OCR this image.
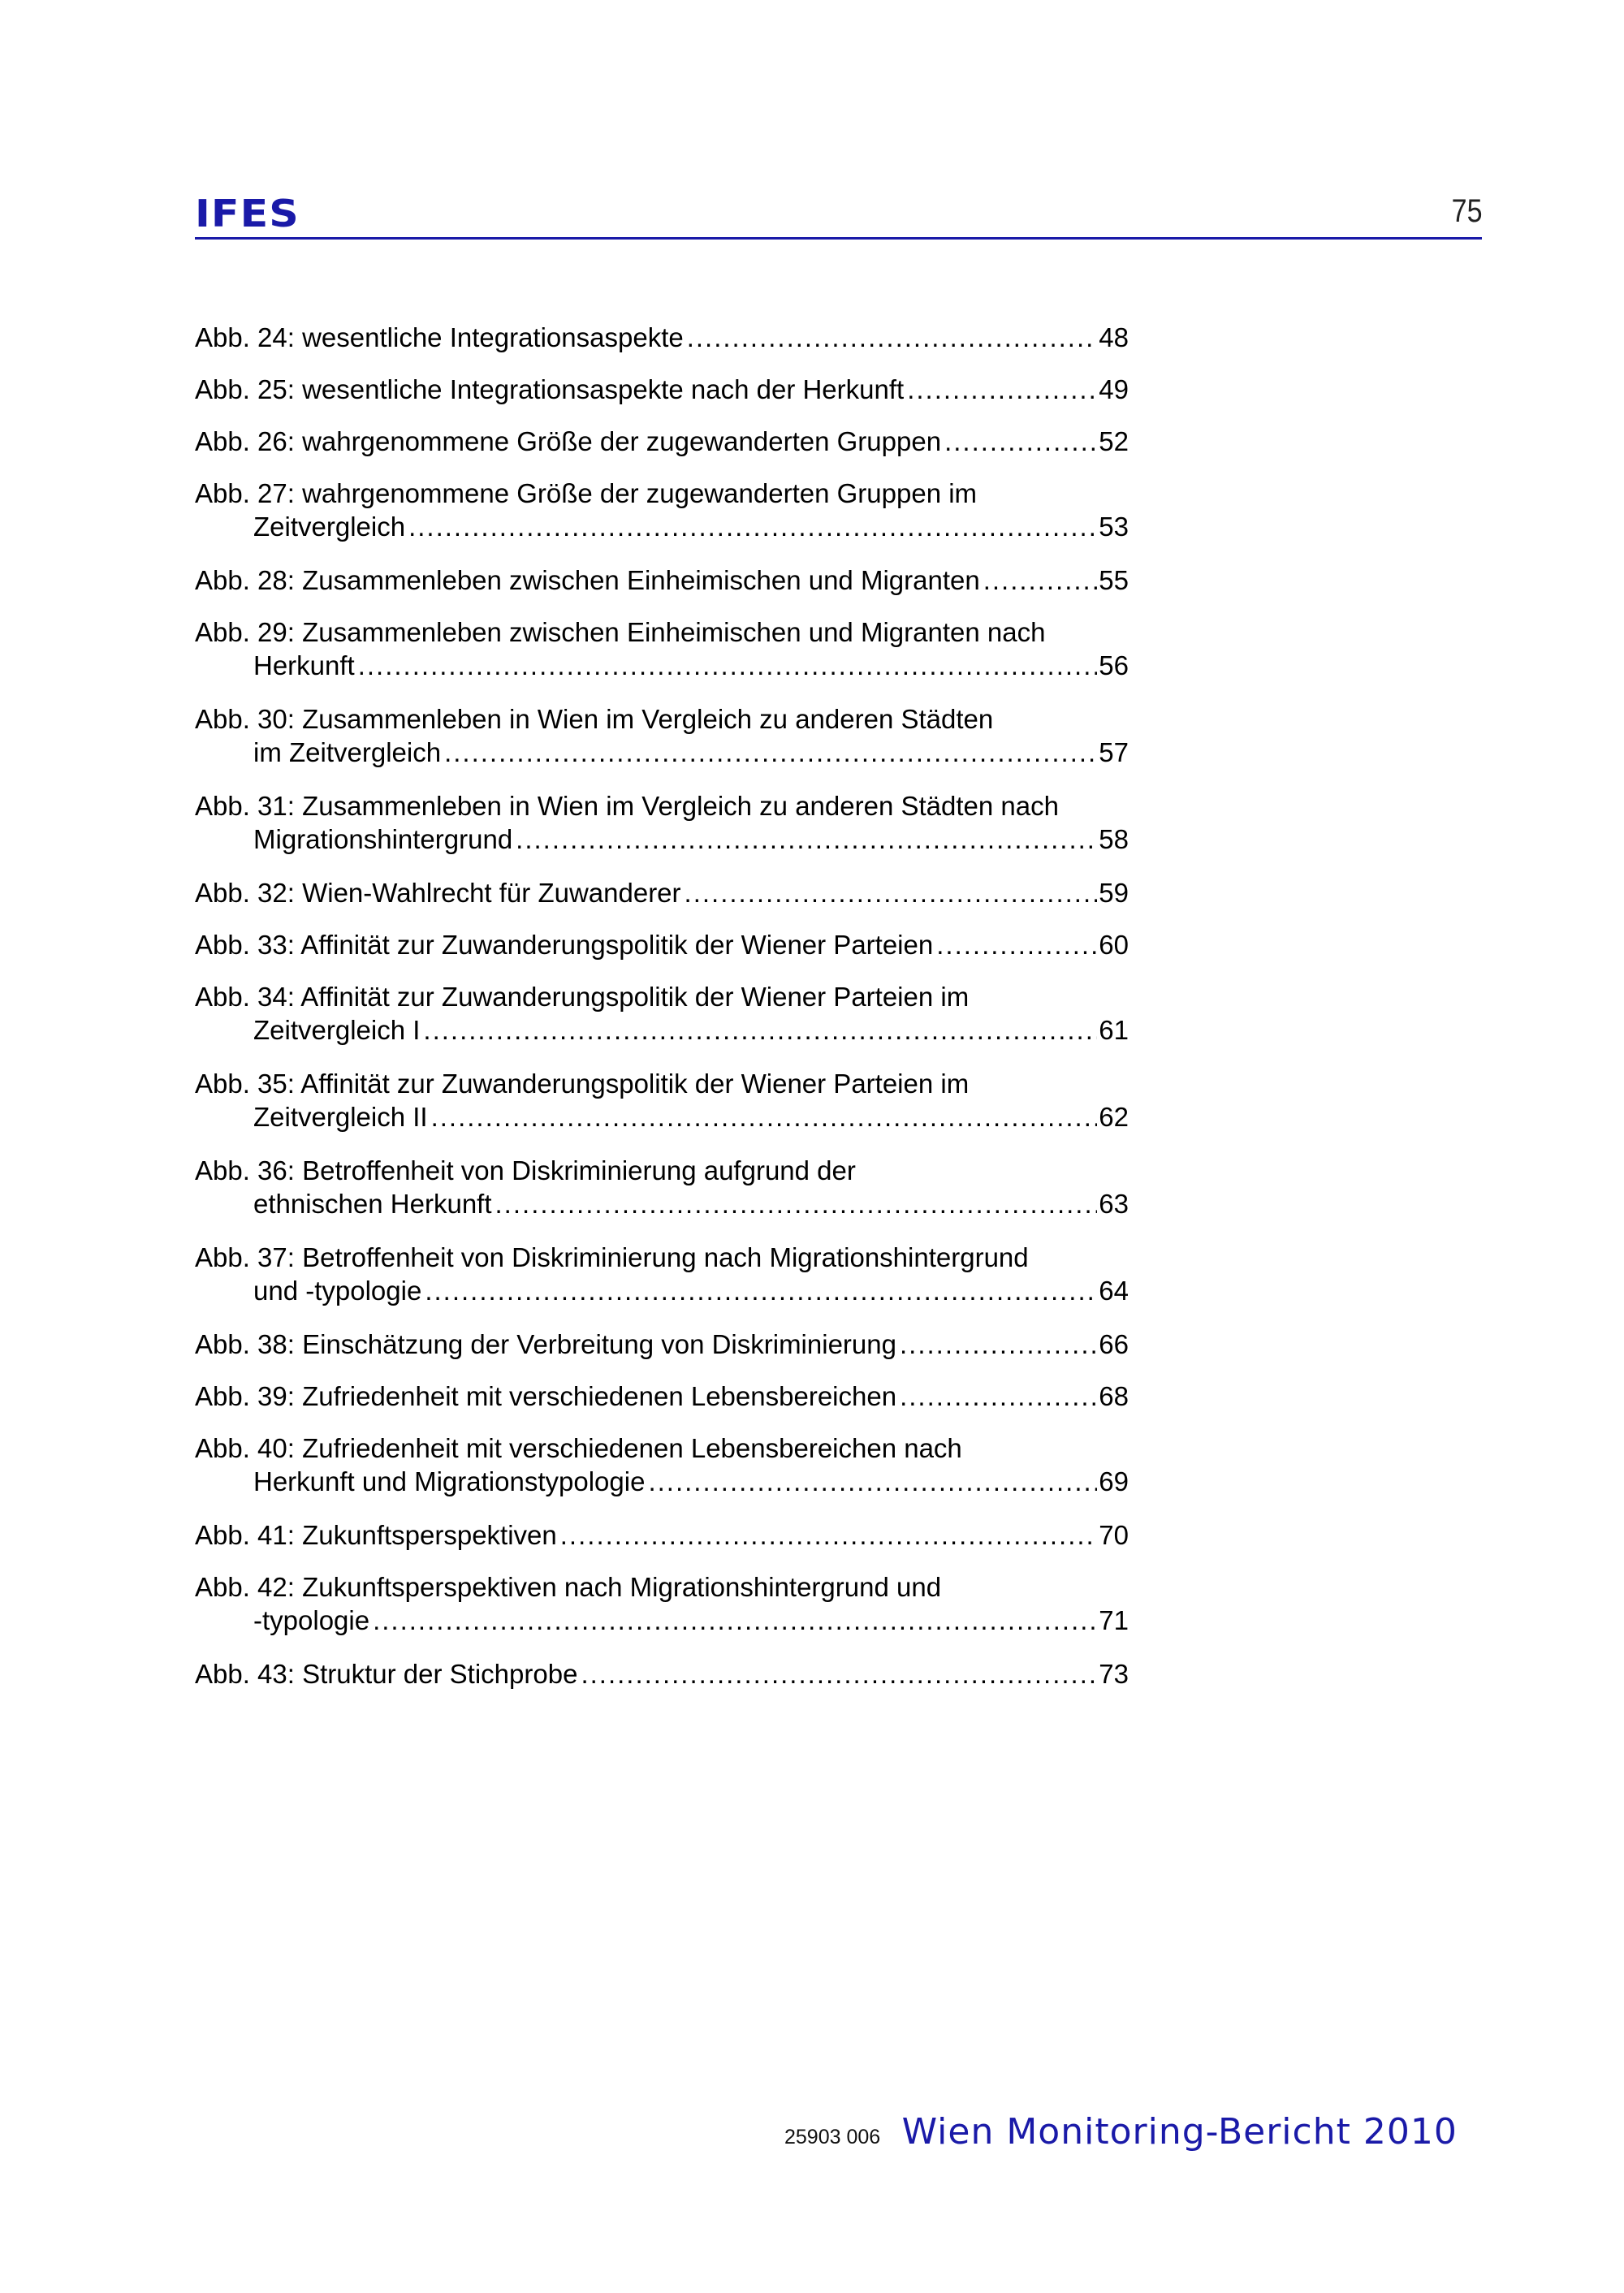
IFES	75
Abb. 24: wesentliche Integrationsaspekte .....	48
Abb. 25: wesentliche Integrationsaspekte nach der Herkunft .....	49
Abb. 26: wahrgenommene Größe der zugewanderten Gruppen .....	52
Abb. 27: wahrgenommene Größe der zugewanderten Gruppen im
Zeitvergleich .....	53
Abb. 28: Zusammenleben zwischen Einheimischen und Migranten .....	55
Abb. 29: Zusammenleben zwischen Einheimischen und Migranten nach
Herkunft .....	56
Abb. 30: Zusammenleben in Wien im Vergleich zu anderen Städten
im Zeitvergleich .....	57
Abb. 31: Zusammenleben in Wien im Vergleich zu anderen Städten nach
Migrationshintergrund .....	58
Abb. 32: Wien-Wahlrecht für Zuwanderer .....	59
Abb. 33: Affinität zur Zuwanderungspolitik der Wiener Parteien .....	60
Abb. 34: Affinität zur Zuwanderungspolitik der Wiener Parteien im
Zeitvergleich I .....	61
Abb. 35: Affinität zur Zuwanderungspolitik der Wiener Parteien im
Zeitvergleich II .....	62
Abb. 36: Betroffenheit von Diskriminierung aufgrund der
ethnischen Herkunft .....	63
Abb. 37: Betroffenheit von Diskriminierung nach Migrationshintergrund
und -typologie .....	64
Abb. 38: Einschätzung der Verbreitung von Diskriminierung .....	66
Abb. 39: Zufriedenheit mit verschiedenen Lebensbereichen .....	68
Abb. 40: Zufriedenheit mit verschiedenen Lebensbereichen nach
Herkunft und Migrationstypologie .....	69
Abb. 41: Zukunftsperspektiven .....	70
Abb. 42: Zukunftsperspektiven nach Migrationshintergrund und
-typologie .....	71
Abb. 43: Struktur der Stichprobe .....	73
25903 006 Wien Monitoring-Bericht 2010
